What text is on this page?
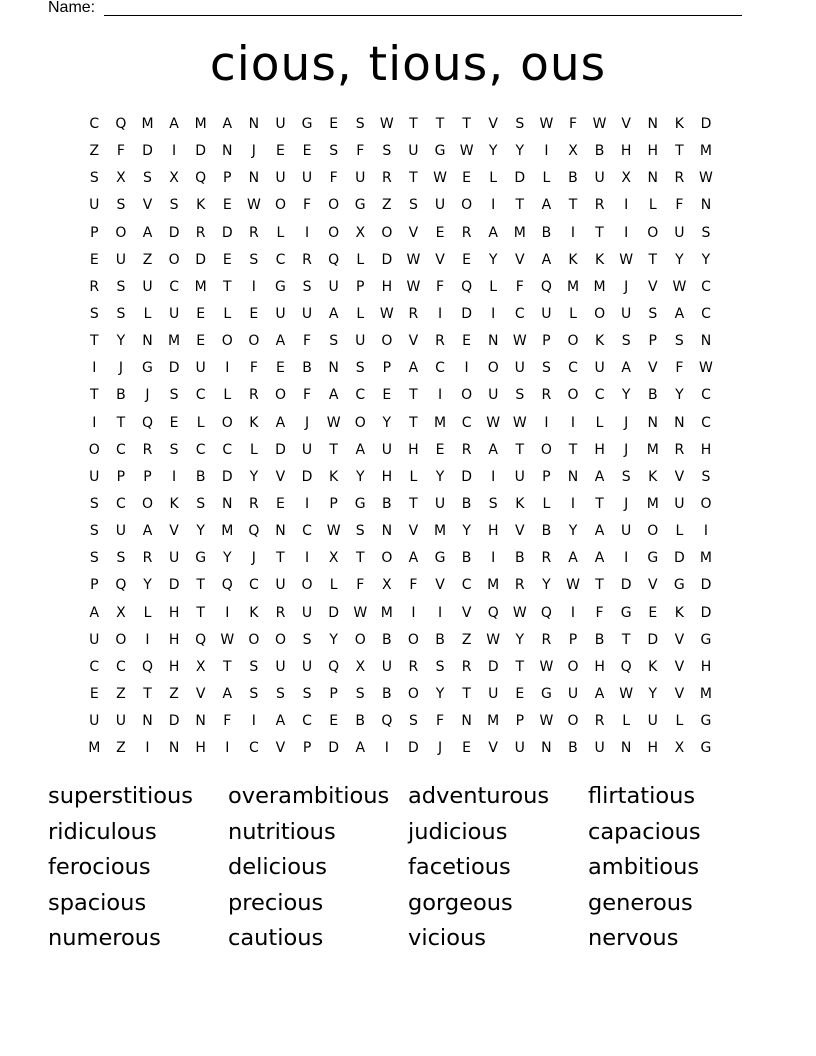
Name:
cious, tious, ous
C	Q	M	A	M	A	N	U	G	E	S	W	T	T	T	V	S	W	F	W	V	N	K	D
Z	F	D	I	D	N	J	E	E	S	F	S	U	G	W	Y	Y	I	X	B	H	H	T	M
S	X	S	X	Q	P	N	U	U	F	U	R	T	W	E	L	D	L	B	U	X	N	R	W
U	S	V	S	K	E	W	O	F	O	G	Z	S	U	O	I	T	A	T	R	I	L	F	N
P	O	A	D	R	D	R	L	I	O	X	O	V	E	R	A	M	B	I	T	I	O	U	S
E	U	Z	O	D	E	S	C	R	Q	L	D	W	V	E	Y	V	A	K	K	W	T	Y	Y
R	S	U	C	M	T	I	G	S	U	P	H	W	F	Q	L	F	Q	M	M	J	V	W	C
S	S	L	U	E	L	E	U	U	A	L	W	R	I	D	I	C	U	L	O	U	S	A	C
T	Y	N	M	E	O	O	A	F	S	U	O	V	R	E	N	W	P	O	K	S	P	S	N
I	J	G	D	U	I	F	E	B	N	S	P	A	C	I	O	U	S	C	U	A	V	F	W
T	B	J	S	C	L	R	O	F	A	C	E	T	I	O	U	S	R	O	C	Y	B	Y	C
I	T	Q	E	L	O	K	A	J	W	O	Y	T	M	C	W W	I	I	L	J	N	N	C
O	C	R	S	C	C	L	D	U	T	A	U	H	E	R	A	T	O	T	H	J	M	R	H
U	P	P	I	B	D	Y	V	D	K	Y	H	L	Y	D	I	U	P	N	A	S	K	V	S
S	C	O	K	S	N	R	E	I	P	G	B	T	U	B	S	K	L	I	T	J	M	U	O
S	U	A	V	Y	M	Q	N	C	W	S	N	V	M	Y	H	V	B	Y	A	U	O	L	I
S	S	R	U	G	Y	J	T	I	X	T	O	A	G	B	I	B	R	A	A	I	G	D	M
P	Q	Y	D	T	Q	C	U	O	L	F	X	F	V	C	M	R	Y	W	T	D	V	G	D
A	X	L	H	T	I	K	R	U	D	W M	I	I	V	Q	W	Q	I	F	G	E	K	D
U	O	I	H	Q	W	O	O	S	Y	O	B	O	B	Z	W	Y	R	P	B	T	D	V	G
C	C	Q	H	X	T	S	U	U	Q	X	U	R	S	R	D	T	W	O	H	Q	K	V	H
E	Z	T	Z	V	A	S	S	S	P	S	B	O	Y	T	U	E	G	U	A	W	Y	V	M
U	U	N	D	N	F	I	A	C	E	B	Q	S	F	N	M	P	W	O	R	L	U	L	G
M	Z	I	N	H	I	C	V	P	D	A	I	D	J	E	V	U	N	B	U	N	H	X	G
superstitious	overambitious adventurous	flirtatious
ridiculous	nutritious	judicious	capacious
ferocious	delicious	facetious	ambitious
spacious	precious	gorgeous	generous
numerous	cautious	vicious	nervous
